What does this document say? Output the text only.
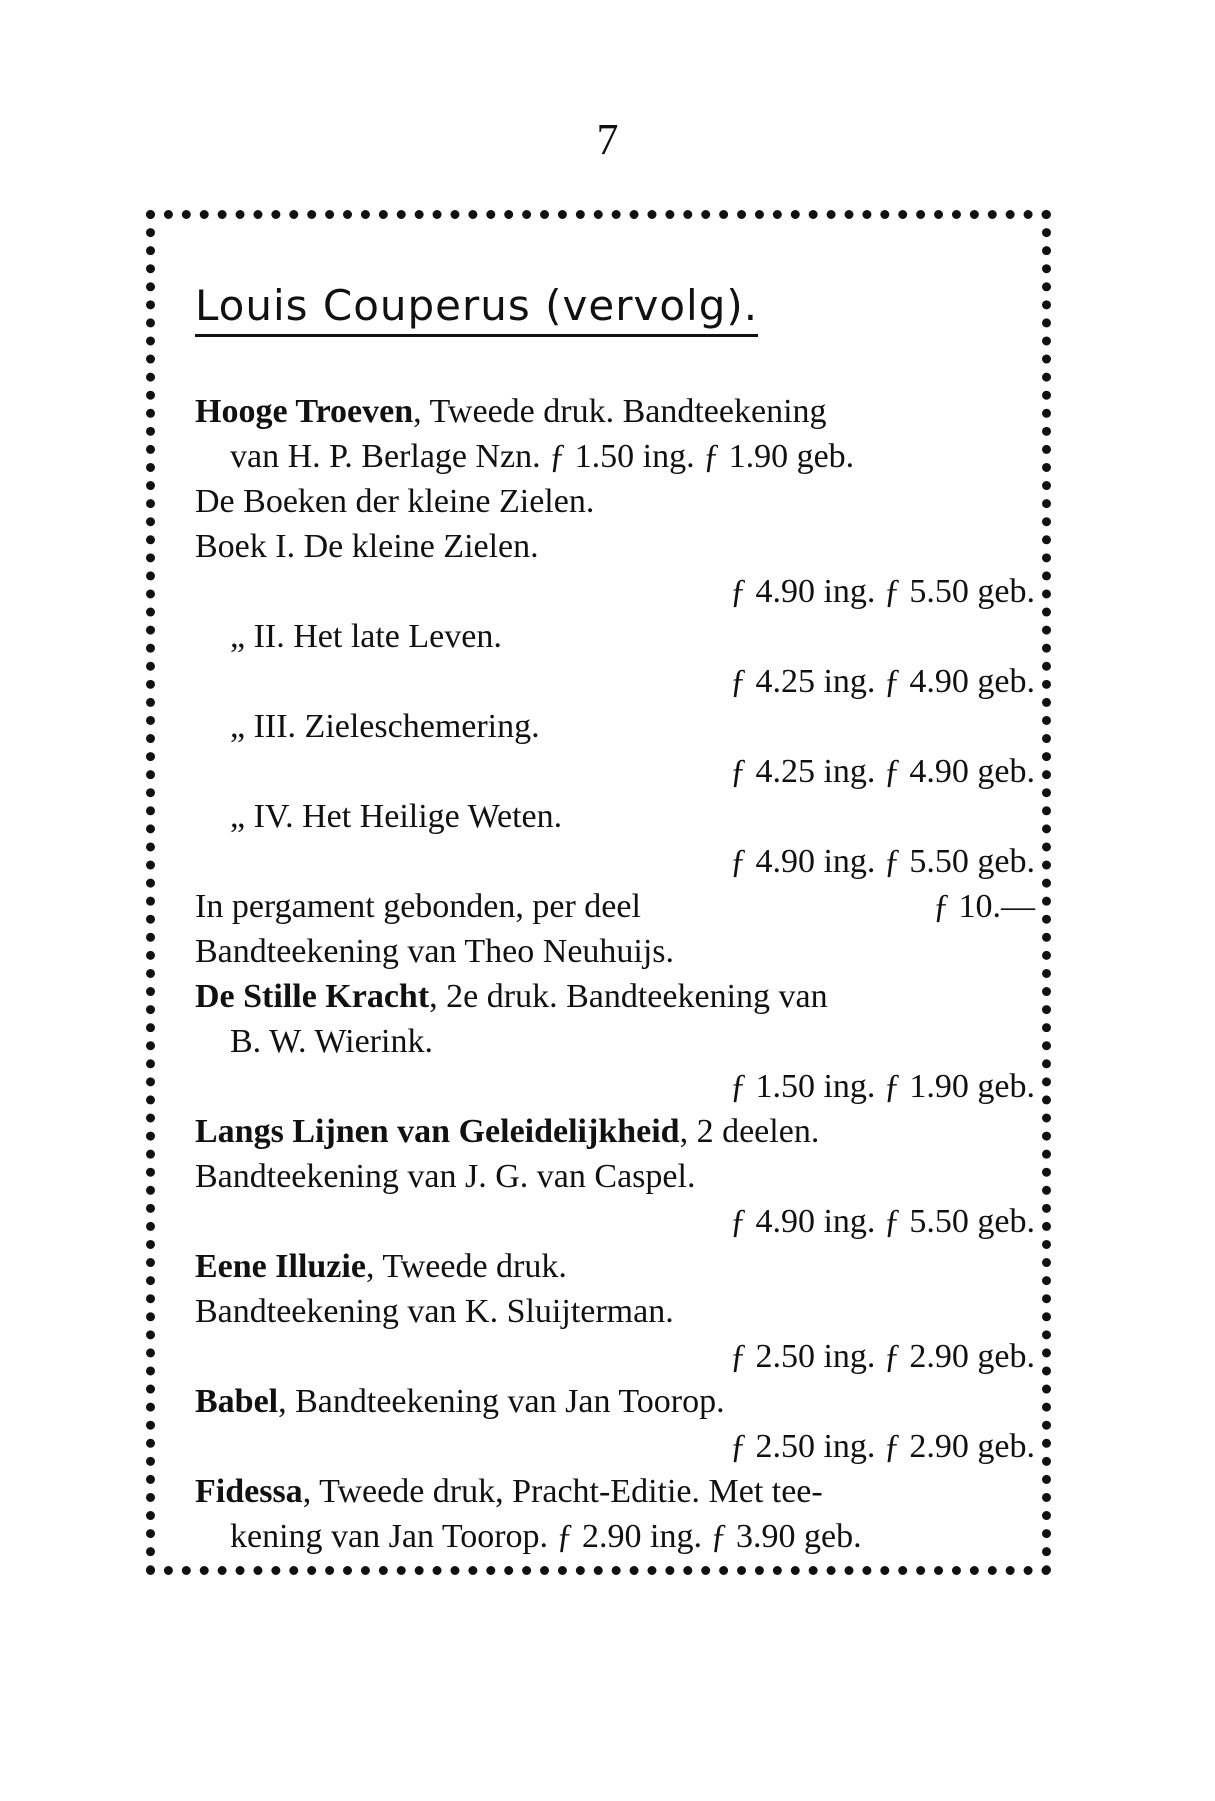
7
Louis Couperus (vervolg).
Hooge Troeven, Tweede druk. Bandteekening
van H. P. Berlage Nzn. ƒ 1.50 ing. ƒ 1.90 geb.
De Boeken der kleine Zielen.
Boek I. De kleine Zielen.
ƒ 4.90 ing. ƒ 5.50 geb.
„ II. Het late Leven.
ƒ 4.25 ing. ƒ 4.90 geb.
„ III. Zieleschemering.
ƒ 4.25 ing. ƒ 4.90 geb.
„ IV. Het Heilige Weten.
ƒ 4.90 ing. ƒ 5.50 geb.
In pergament gebonden, per deel	ƒ 10.—
Bandteekening van Theo Neuhuijs.
De Stille Kracht, 2e druk. Bandteekening van
B. W. Wierink.
ƒ 1.50 ing. ƒ 1.90 geb.
Langs Lijnen van Geleidelijkheid, 2 deelen.
Bandteekening van J. G. van Caspel.
ƒ 4.90 ing. ƒ 5.50 geb.
Eene Illuzie, Tweede druk.
Bandteekening van K. Sluijterman.
ƒ 2.50 ing. ƒ 2.90 geb.
Babel, Bandteekening van Jan Toorop.
ƒ 2.50 ing. ƒ 2.90 geb.
Fidessa, Tweede druk, Pracht-Editie. Met tee-
kening van Jan Toorop. ƒ 2.90 ing. ƒ 3.90 geb.
